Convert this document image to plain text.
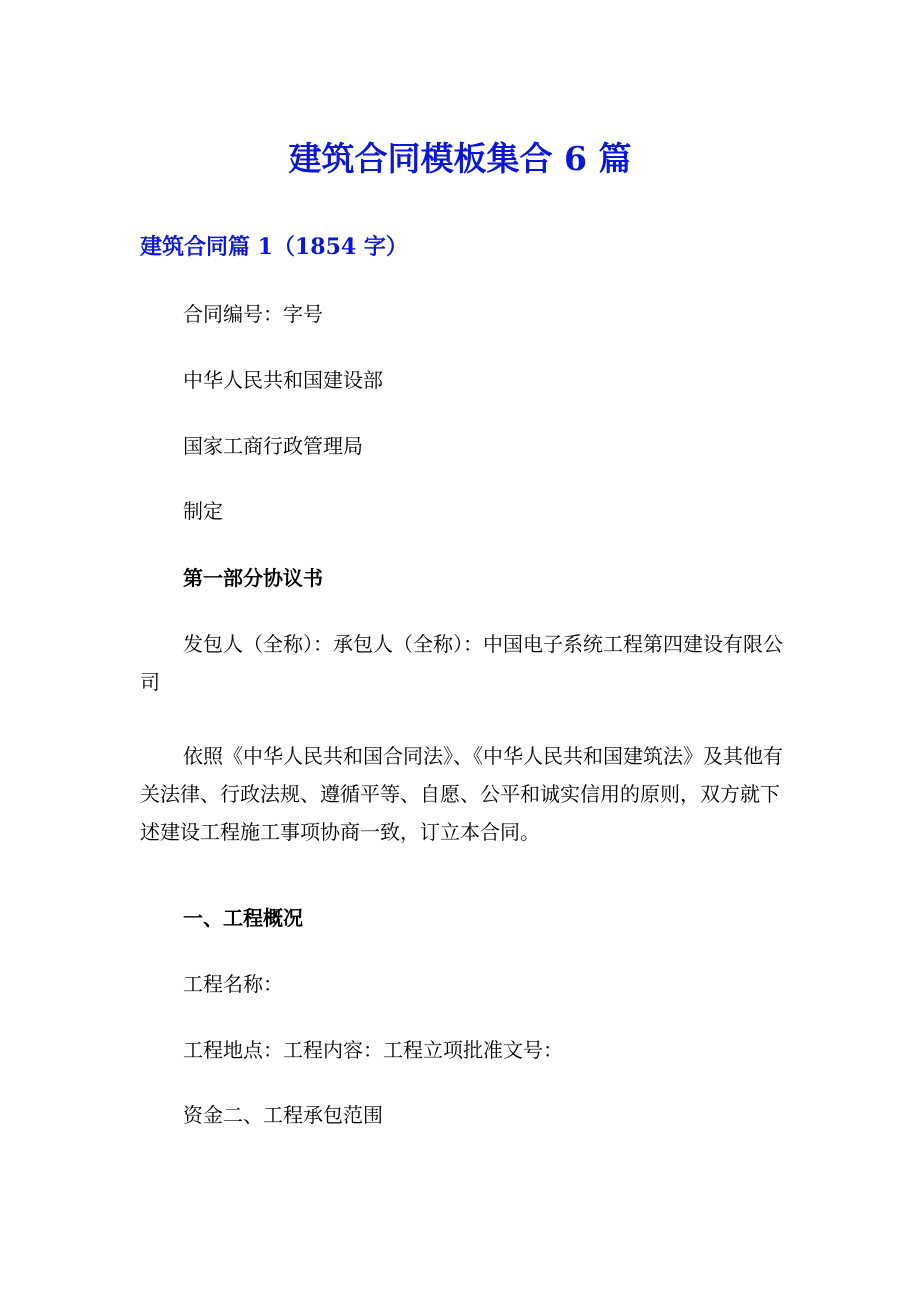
建筑合同模板集合 6 篇
建筑合同篇 1（1854 字）

合同编号：字号

中华人民共和国建设部

国家工商行政管理局

制定

第一部分协议书

发包人（全称）：承包人（全称）：中国电子系统工程第四建设有限公司

依照《中华人民共和国合同法》、《中华人民共和国建筑法》及其他有关法律、行政法规、遵循平等、自愿、公平和诚实信用的原则，双方就下述建设工程施工事项协商一致，订立本合同。

一、工程概况

工程名称：

工程地点：工程内容：工程立项批准文号：

资金二、工程承包范围
